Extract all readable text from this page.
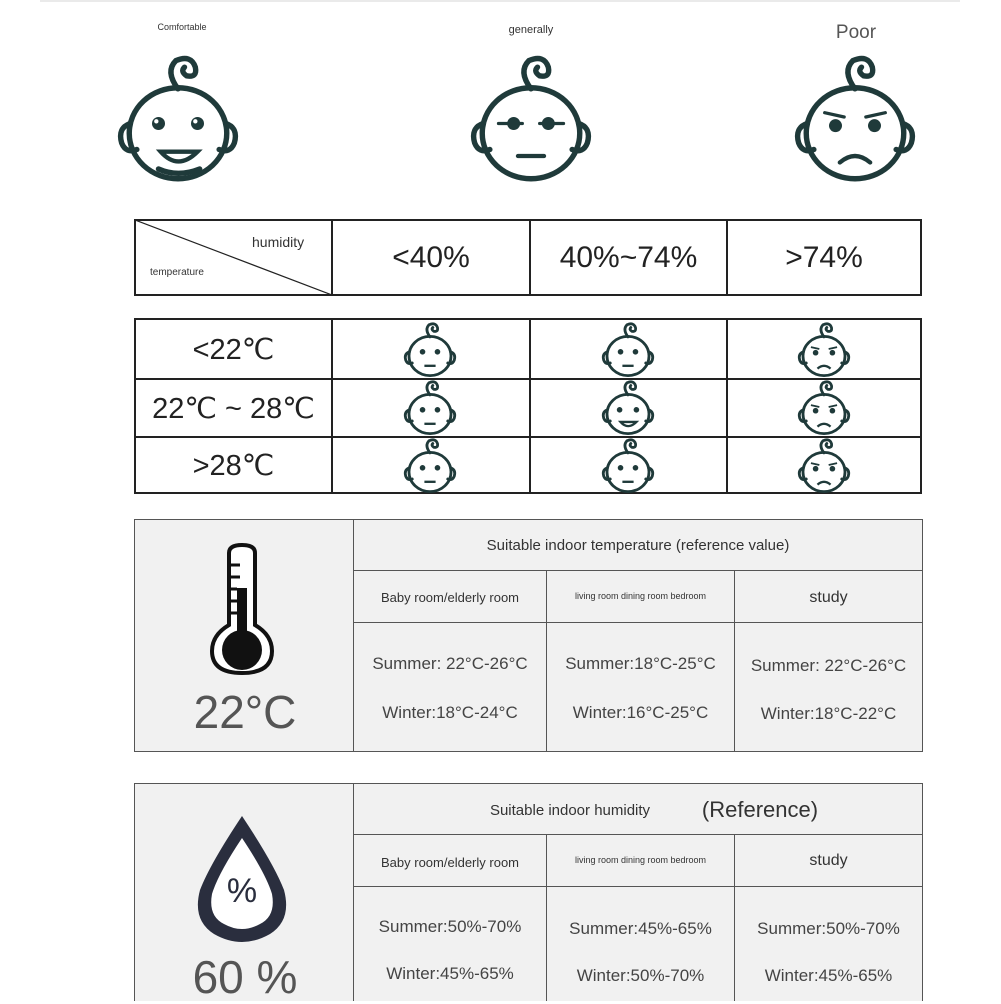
Comfortable	generally	Poor
humidity
temperature	<40%	40%~74%	>74%
<22℃
22℃ ~ 28℃
>28℃
22°C
Suitable indoor temperature (reference value)
Baby room/elderly room	living room dining room bedroom	study
Summer: 22°C-26°C	Summer:18°C-25°C	Summer: 22°C-26°C
Winter:18°C-24°C	Winter:16°C-25°C	Winter:18°C-22°C
%
60 %
Suitable indoor humidity	(Reference)
Baby room/elderly room	living room dining room bedroom	study
Summer:50%-70%	Summer:45%-65%	Summer:50%-70%
Winter:45%-65%	Winter:50%-70%	Winter:45%-65%
